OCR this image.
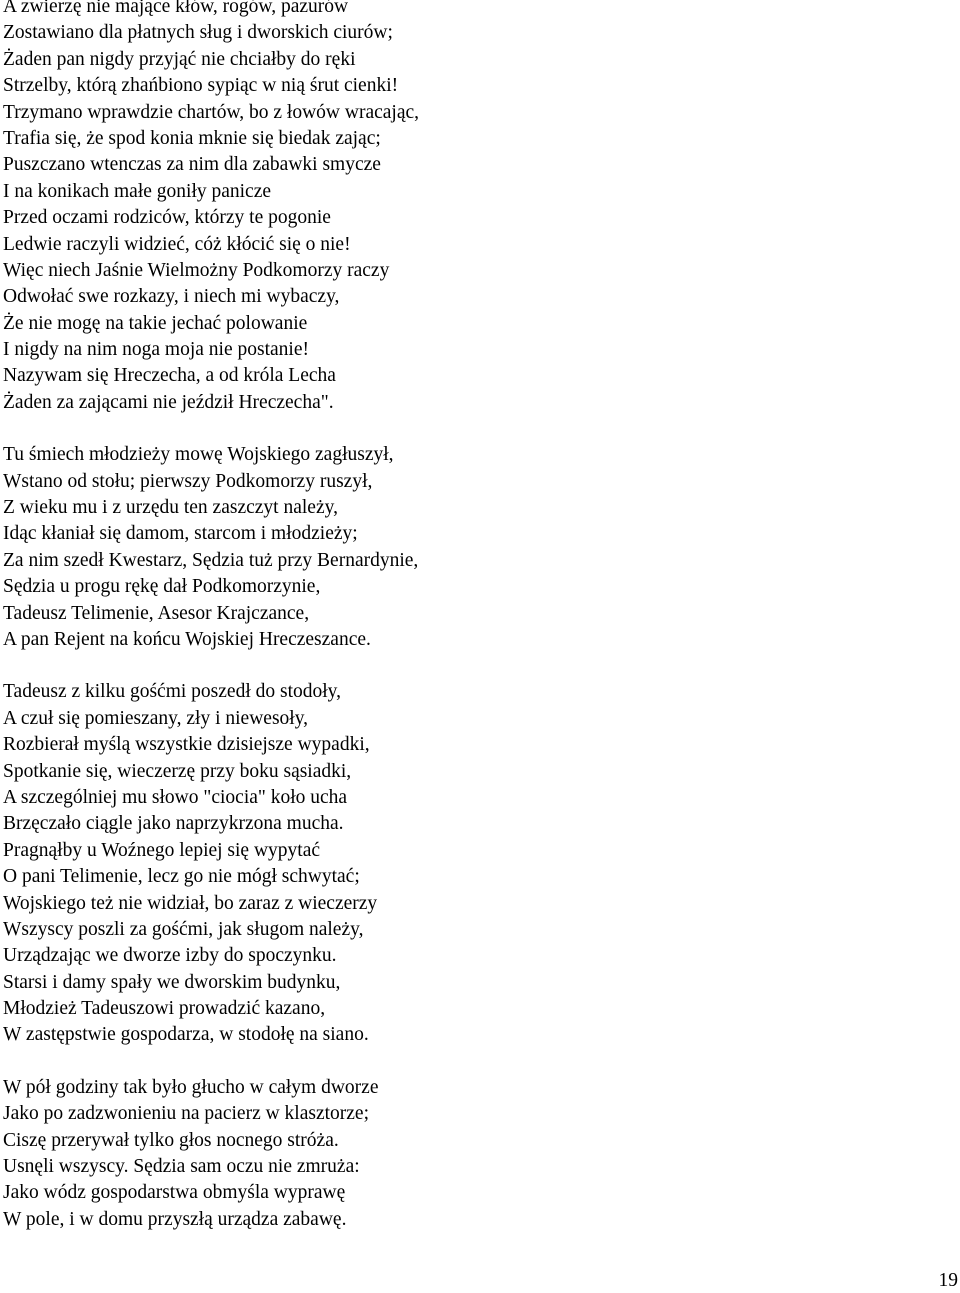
A zwierzę nie mające kłów, rogów, pazurów
Zostawiano dla płatnych sług i dworskich ciurów;
Żaden pan nigdy przyjąć nie chciałby do ręki
Strzelby, którą zhańbiono sypiąc w nią śrut cienki!
Trzymano wprawdzie chartów, bo z łowów wracając,
Trafia się, że spod konia mknie się biedak zając;
Puszczano wtenczas za nim dla zabawki smycze
I na konikach małe goniły panicze
Przed oczami rodziców, którzy te pogonie
Ledwie raczyli widzieć, cóż kłócić się o nie!
Więc niech Jaśnie Wielmożny Podkomorzy raczy
Odwołać swe rozkazy, i niech mi wybaczy,
Że nie mogę na takie jechać polowanie
I nigdy na nim noga moja nie postanie!
Nazywam się Hreczecha, a od króla Lecha
Żaden za zającami nie jeździł Hreczecha".
Tu śmiech młodzieży mowę Wojskiego zagłuszył,
Wstano od stołu; pierwszy Podkomorzy ruszył,
Z wieku mu i z urzędu ten zaszczyt należy,
Idąc kłaniał się damom, starcom i młodzieży;
Za nim szedł Kwestarz, Sędzia tuż przy Bernardynie,
Sędzia u progu rękę dał Podkomorzynie,
Tadeusz Telimenie, Asesor Krajczance,
A pan Rejent na końcu Wojskiej Hreczeszance.
Tadeusz z kilku gośćmi poszedł do stodoły,
A czuł się pomieszany, zły i niewesoły,
Rozbierał myślą wszystkie dzisiejsze wypadki,
Spotkanie się, wieczerzę przy boku sąsiadki,
A szczególniej mu słowo "ciocia" koło ucha
Brzęczało ciągle jako naprzykrzona mucha.
Pragnąłby u Woźnego lepiej się wypytać
O pani Telimenie, lecz go nie mógł schwytać;
Wojskiego też nie widział, bo zaraz z wieczerzy
Wszyscy poszli za gośćmi, jak sługom należy,
Urządzając we dworze izby do spoczynku.
Starsi i damy spały we dworskim budynku,
Młodzież Tadeuszowi prowadzić kazano,
W zastępstwie gospodarza, w stodołę na siano.
W pół godziny tak było głucho w całym dworze
Jako po zadzwonieniu na pacierz w klasztorze;
Ciszę przerywał tylko głos nocnego stróża.
Usnęli wszyscy. Sędzia sam oczu nie zmruża:
Jako wódz gospodarstwa obmyśla wyprawę
W pole, i w domu przyszłą urządza zabawę.
19
